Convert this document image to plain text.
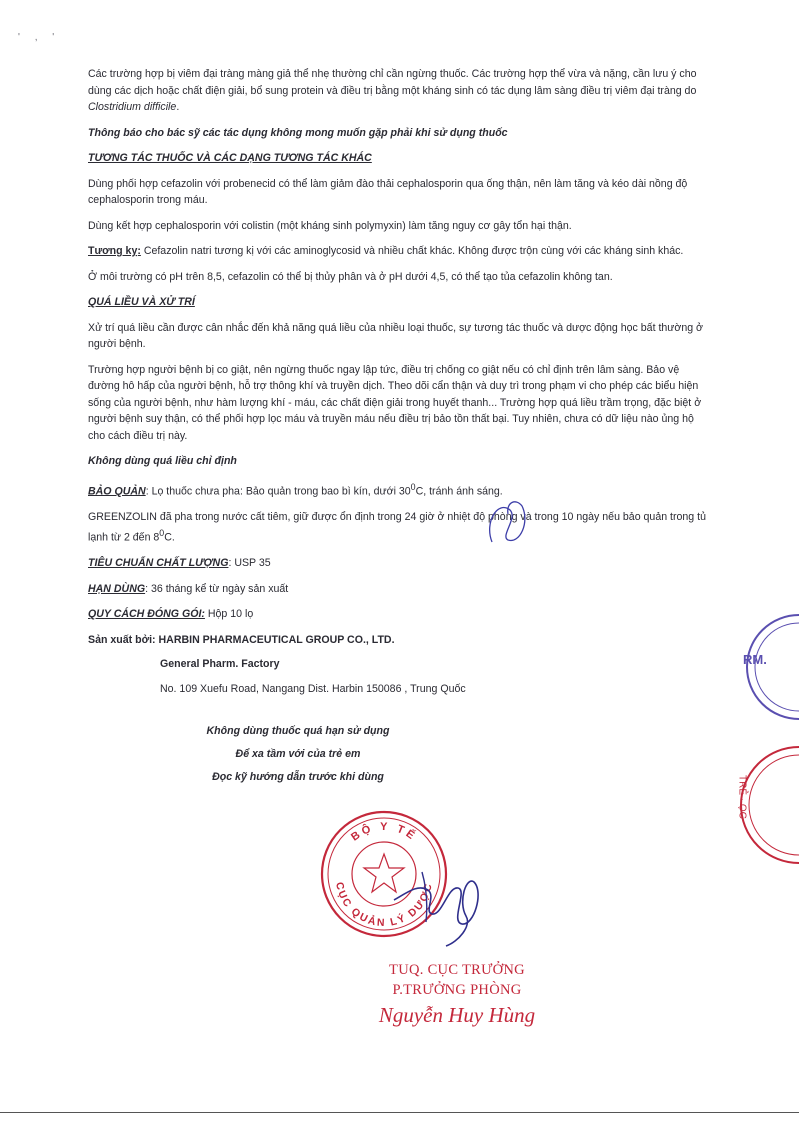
' , '

Các trường hợp bị viêm đại tràng màng giả thể nhẹ thường chỉ cần ngừng thuốc. Các trường hợp thể vừa và nặng, cần lưu ý cho dùng các dịch hoặc chất điện giải, bổ sung protein và điều trị bằng một kháng sinh có tác dụng lâm sàng điều trị viêm đại tràng do Clostridium difficile.

Thông báo cho bác sỹ các tác dụng không mong muốn gặp phải khi sử dụng thuốc

TƯƠNG TÁC THUỐC VÀ CÁC DẠNG TƯƠNG TÁC KHÁC

Dùng phối hợp cefazolin với probenecid có thể làm giảm đào thải cephalosporin qua ống thận, nên làm tăng và kéo dài nồng độ cephalosporin trong máu.

Dùng kết hợp cephalosporin với colistin (một kháng sinh polymyxin) làm tăng nguy cơ gây tổn hại thận.

Tương kỵ: Cefazolin natri tương kị với các aminoglycosid và nhiều chất khác. Không được trộn cùng với các kháng sinh khác.

Ở môi trường có pH trên 8,5, cefazolin có thể bị thủy phân và ở pH dưới 4,5, có thể tạo tủa cefazolin không tan.

QUÁ LIỀU VÀ XỬ TRÍ

Xử trí quá liều cần được cân nhắc đến khả năng quá liều của nhiều loại thuốc, sự tương tác thuốc và dược động học bất thường ở người bệnh.

Trường hợp người bệnh bị co giật, nên ngừng thuốc ngay lập tức, điều trị chống co giật nếu có chỉ định trên lâm sàng. Bảo vệ đường hô hấp của người bệnh, hỗ trợ thông khí và truyền dịch. Theo dõi cẩn thận và duy trì trong phạm vi cho phép các biểu hiện sống của người bệnh, như hàm lượng khí - máu, các chất điện giải trong huyết thanh... Trường hợp quá liều trầm trọng, đặc biệt ở người bệnh suy thận, có thể phối hợp lọc máu và truyền máu nếu điều trị bảo tồn thất bại. Tuy nhiên, chưa có dữ liệu nào ủng hộ cho cách điều trị này.

Không dùng quá liều chỉ định

BẢO QUẢN: Lọ thuốc chưa pha: Bảo quản trong bao bì kín, dưới $30^0C$, tránh ánh sáng.

GREENZOLIN đã pha trong nước cất tiêm, giữ được ổn định trong 24 giờ ở nhiệt độ phòng và trong 10 ngày nếu bảo quản trong tủ lạnh từ 2 đến $8^0C$.

TIÊU CHUẨN CHẤT LƯỢNG: USP 35

HẠN DÙNG: 36 tháng kể từ ngày sản xuất

QUY CÁCH ĐÓNG GÓI: Hộp 10 lọ

Sản xuất bởi: HARBIN PHARMACEUTICAL GROUP CO., LTD.

General Pharm. Factory

No. 109 Xuefu Road, Nangang Dist. Harbin 150086 , Trung Quốc

Không dùng thuốc quá hạn sử dụng

Để xa tầm với của trẻ em

Đọc kỹ hướng dẫn trước khi dùng

BỘ Y TẾ
CỤC QUẢN LÝ DƯỢC
RM.
TRẺ · ỌC
TUQ. CỤC TRƯỞNG
P.TRƯỞNG PHÒNG
Nguyễn Huy Hùng
